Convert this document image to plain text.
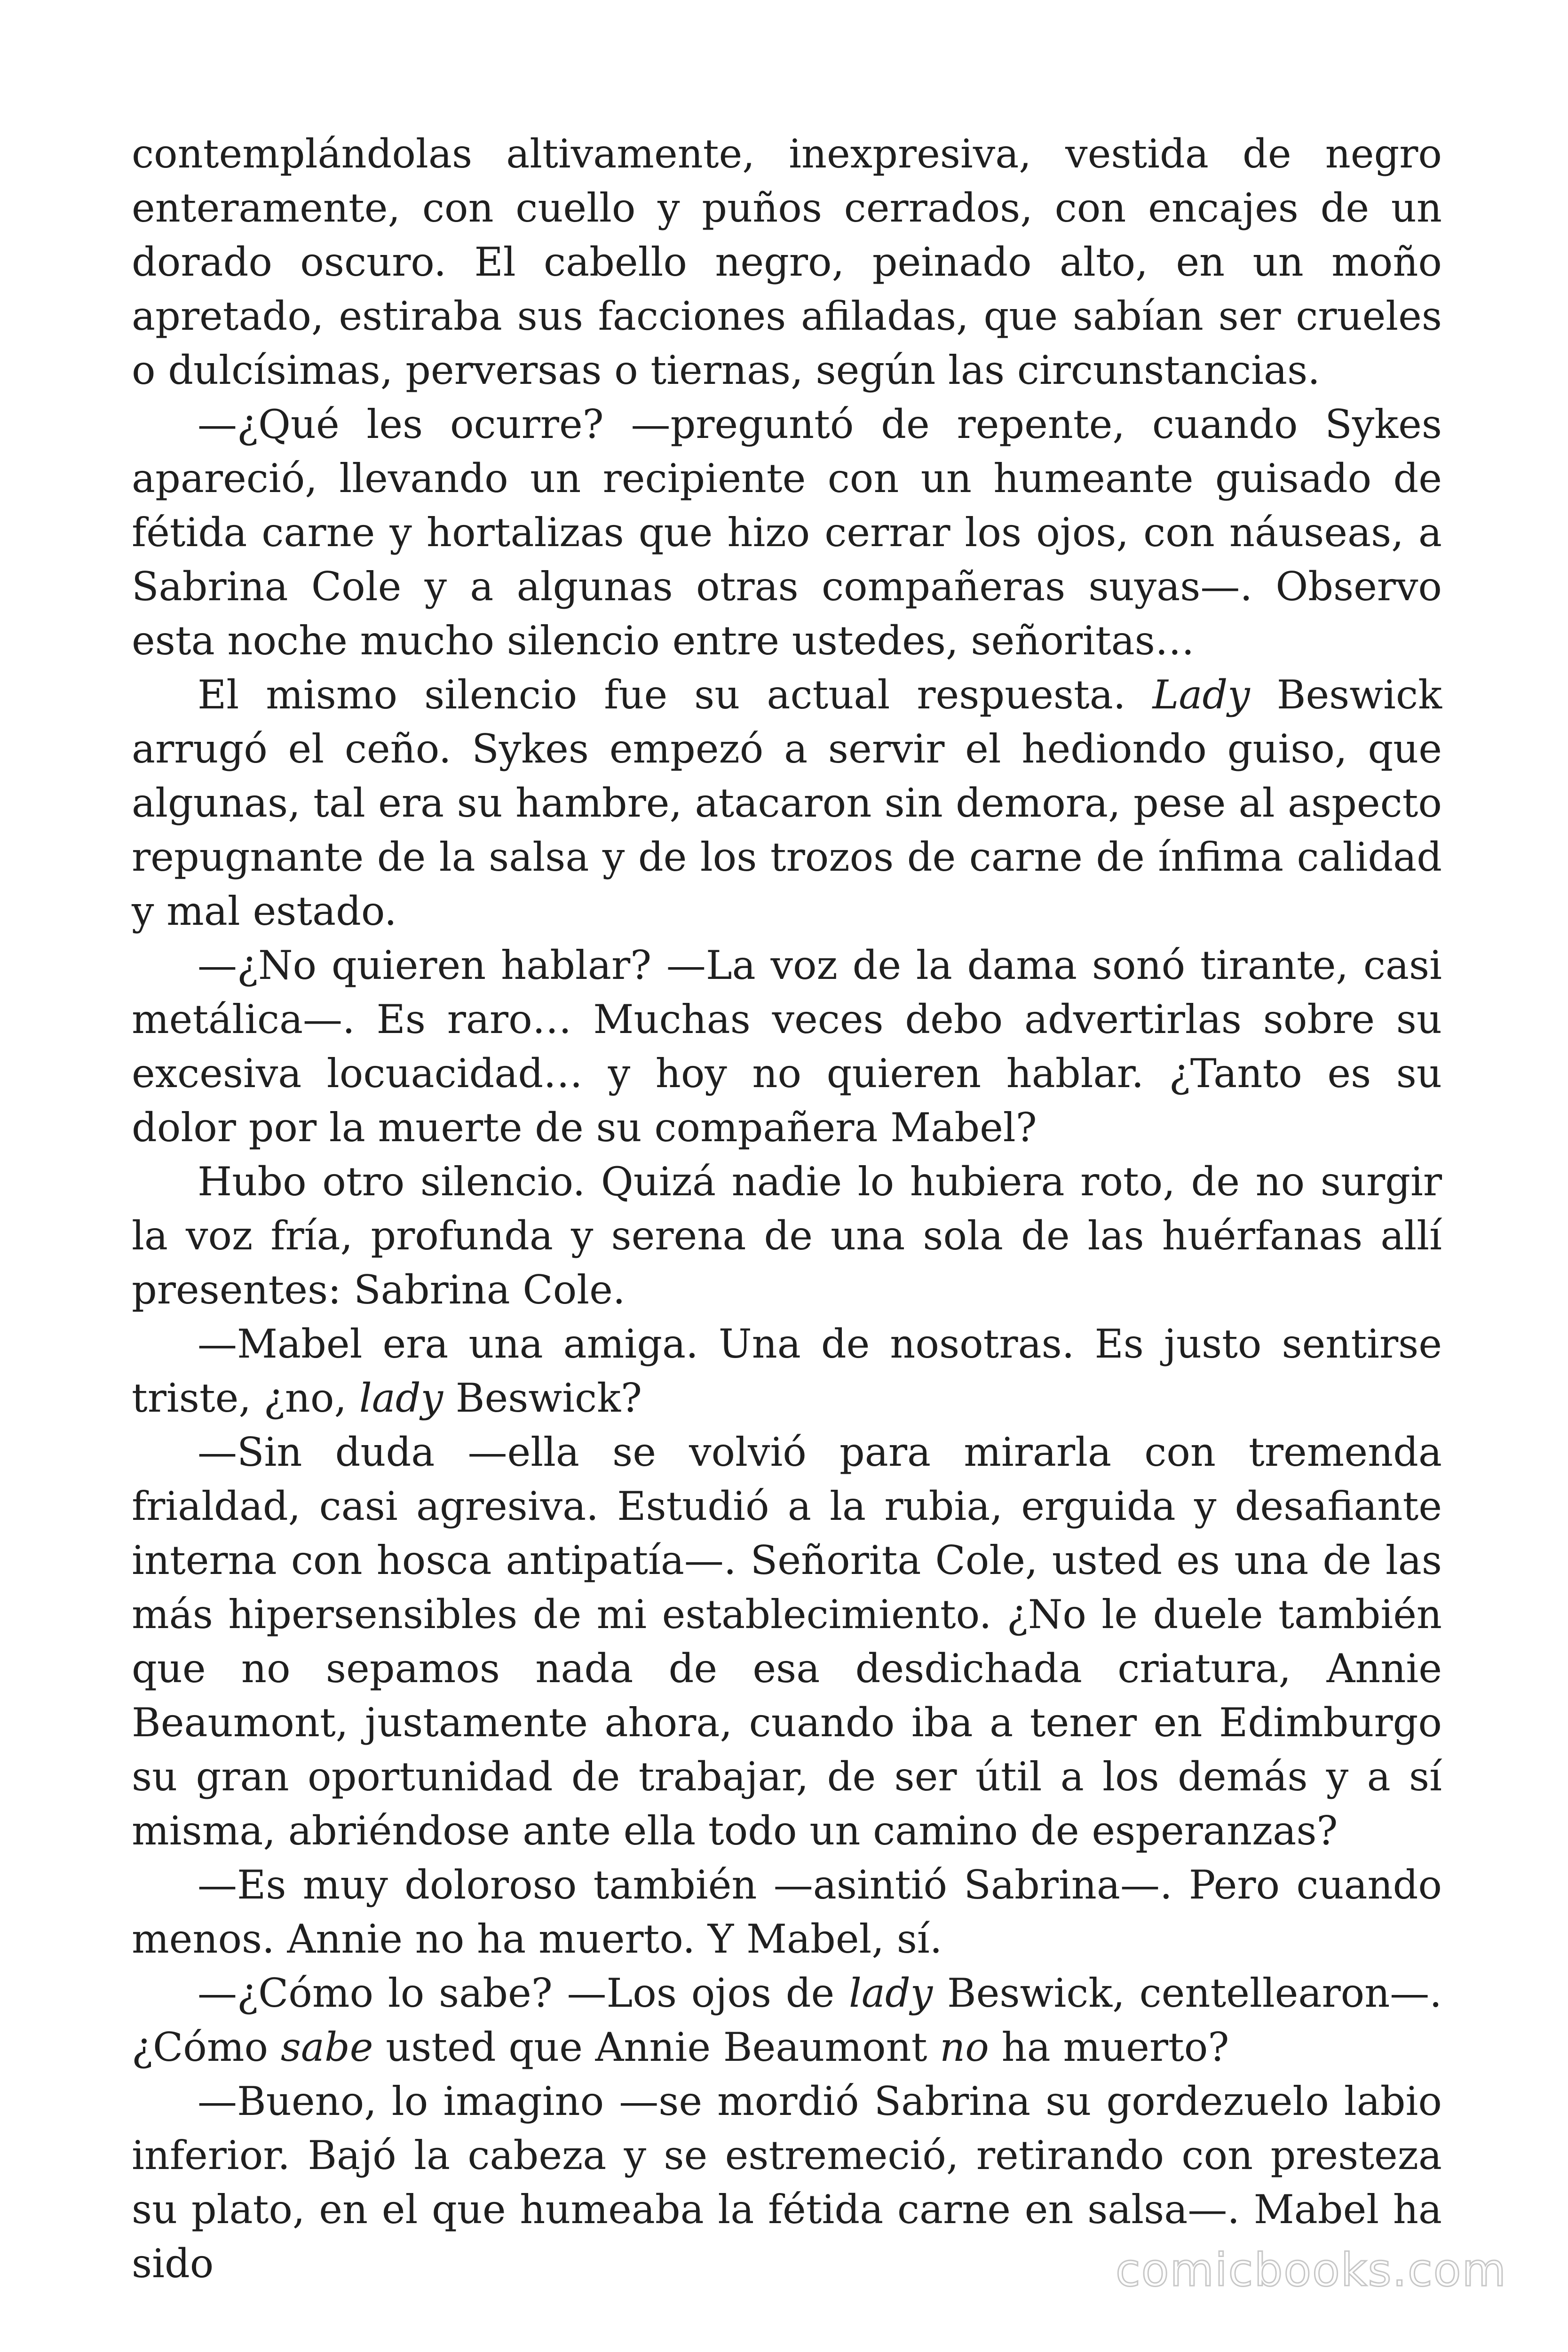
contemplándolas altivamente, inexpresiva, vestida de negro enteramente, con cuello y puños cerrados, con encajes de un dorado oscuro. El cabello negro, peinado alto, en un moño apretado, estiraba sus facciones afiladas, que sabían ser crueles o dulcísimas, perversas o tiernas, según las circunstancias.

—¿Qué les ocurre? —preguntó de repente, cuando Sykes apareció, llevando un recipiente con un humeante guisado de fétida carne y hortalizas que hizo cerrar los ojos, con náuseas, a Sabrina Cole y a algunas otras compañeras suyas—. Observo esta noche mucho silencio entre ustedes, señoritas…

El mismo silencio fue su actual respuesta. Lady Beswick arrugó el ceño. Sykes empezó a servir el hediondo guiso, que algunas, tal era su hambre, atacaron sin demora, pese al aspecto repugnante de la salsa y de los trozos de carne de ínfima calidad y mal estado.

—¿No quieren hablar? —La voz de la dama sonó tirante, casi metálica—. Es raro… Muchas veces debo advertirlas sobre su excesiva locuacidad… y hoy no quieren hablar. ¿Tanto es su dolor por la muerte de su compañera Mabel?

Hubo otro silencio. Quizá nadie lo hubiera roto, de no surgir la voz fría, profunda y serena de una sola de las huérfanas allí presentes: Sabrina Cole.

—Mabel era una amiga. Una de nosotras. Es justo sentirse triste, ¿no, lady Beswick?

—Sin duda —ella se volvió para mirarla con tremenda frialdad, casi agresiva. Estudió a la rubia, erguida y desafiante interna con hosca antipatía—. Señorita Cole, usted es una de las más hipersensibles de mi establecimiento. ¿No le duele también que no sepamos nada de esa desdichada criatura, Annie Beaumont, justamente ahora, cuando iba a tener en Edimburgo su gran oportunidad de trabajar, de ser útil a los demás y a sí misma, abriéndose ante ella todo un camino de esperanzas?

—Es muy doloroso también —asintió Sabrina—. Pero cuando menos. Annie no ha muerto. Y Mabel, sí.

—¿Cómo lo sabe? —Los ojos de lady Beswick, centellearon—. ¿Cómo sabe usted que Annie Beaumont no ha muerto?

—Bueno, lo imagino —se mordió Sabrina su gordezuelo labio inferior. Bajó la cabeza y se estremeció, retirando con presteza su plato, en el que humeaba la fétida carne en salsa—. Mabel ha sido	comicbooks.com
